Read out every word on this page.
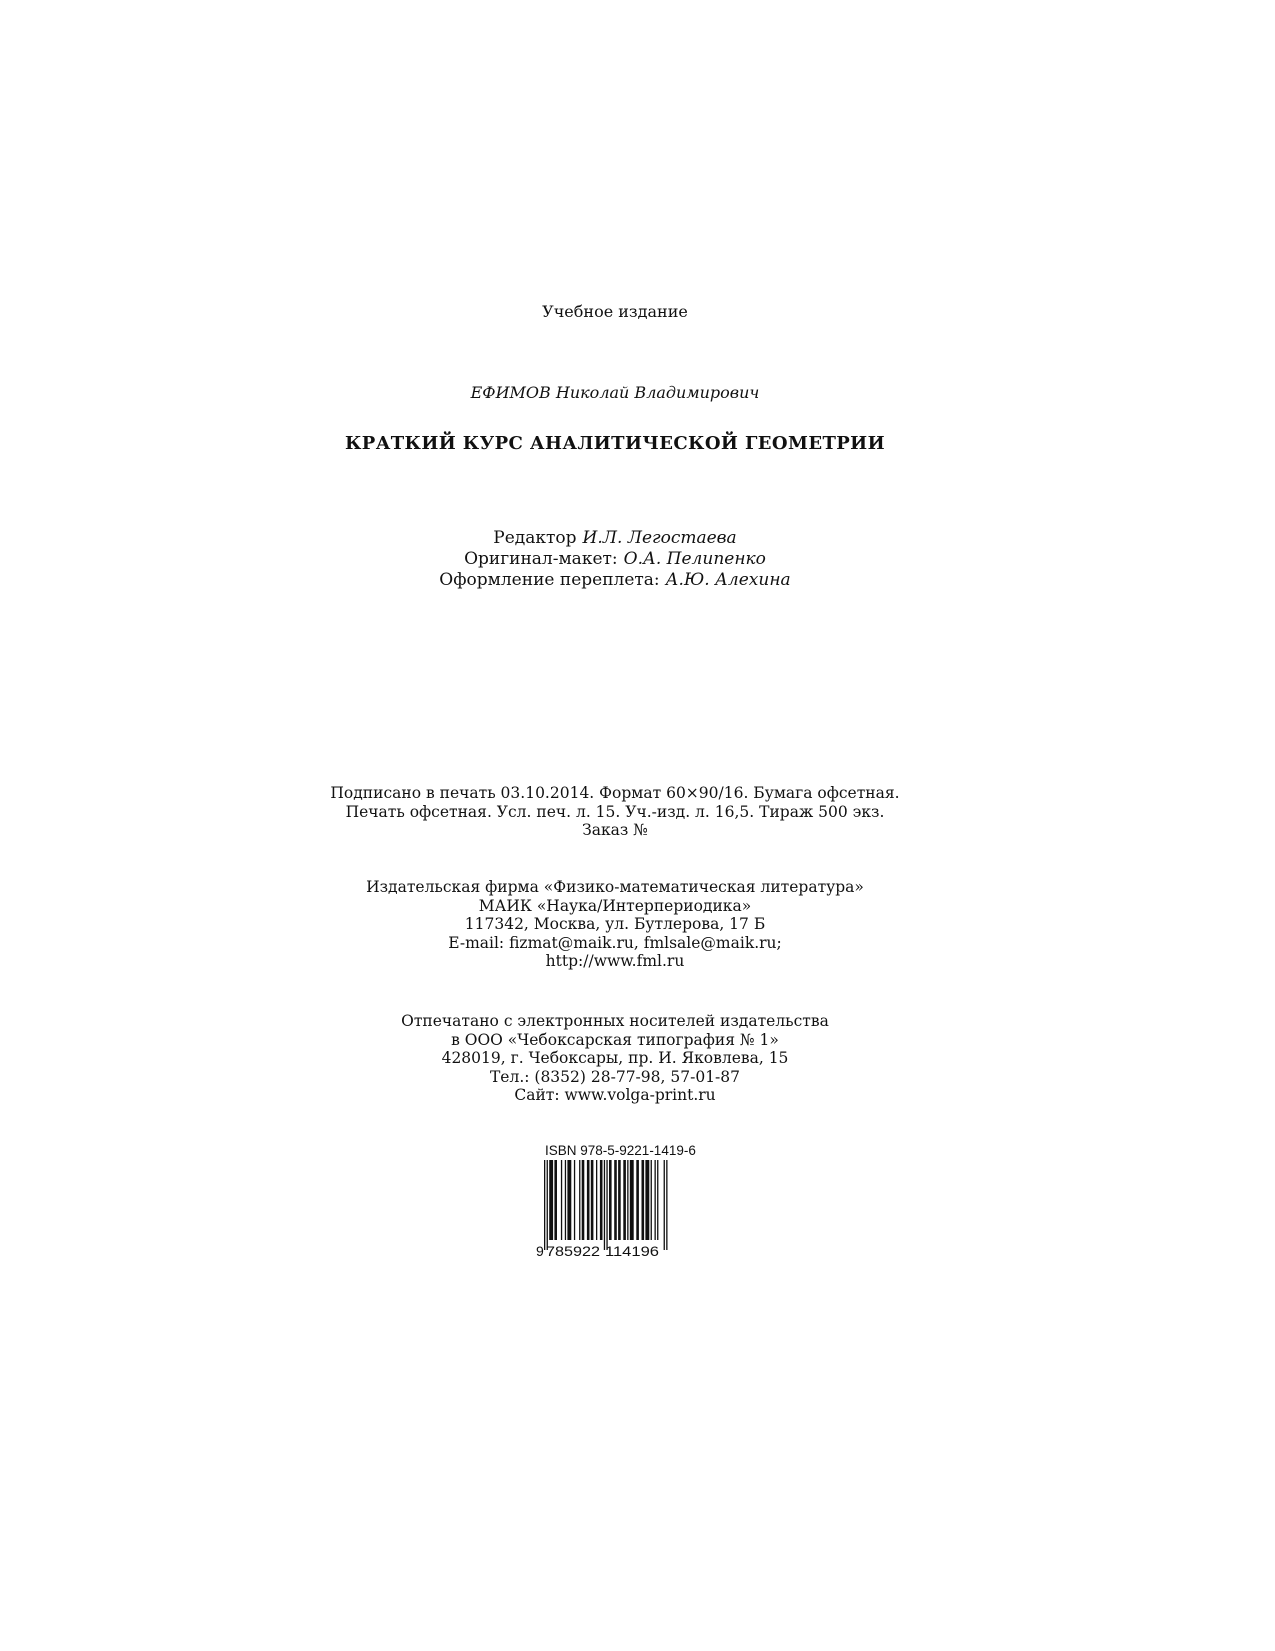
Учебное издание
ЕФИМОВ Николай Владимирович
КРАТКИЙ КУРС АНАЛИТИЧЕСКОЙ ГЕОМЕТРИИ
Редактор И.Л. Легостаева
Оригинал-макет: О.А. Пелипенко
Оформление переплета: А.Ю. Алехина
Подписано в печать 03.10.2014. Формат 60×90/16. Бумага офсетная.
Печать офсетная. Усл. печ. л. 15. Уч.-изд. л. 16,5. Тираж 500 экз.
Заказ №
Издательская фирма «Физико-математическая литература»
МАИК «Наука/Интерпериодика»
117342, Москва, ул. Бутлерова, 17 Б
E-mail: fizmat@maik.ru, fmlsale@maik.ru;
http://www.fml.ru
Отпечатано с электронных носителей издательства
в ООО «Чебоксарская типография № 1»
428019, г. Чебоксары, пр. И. Яковлева, 15
Тел.: (8352) 28-77-98, 57-01-87
Сайт: www.volga-print.ru
ISBN 978-5-9221-1419-6
9 785922 114196
